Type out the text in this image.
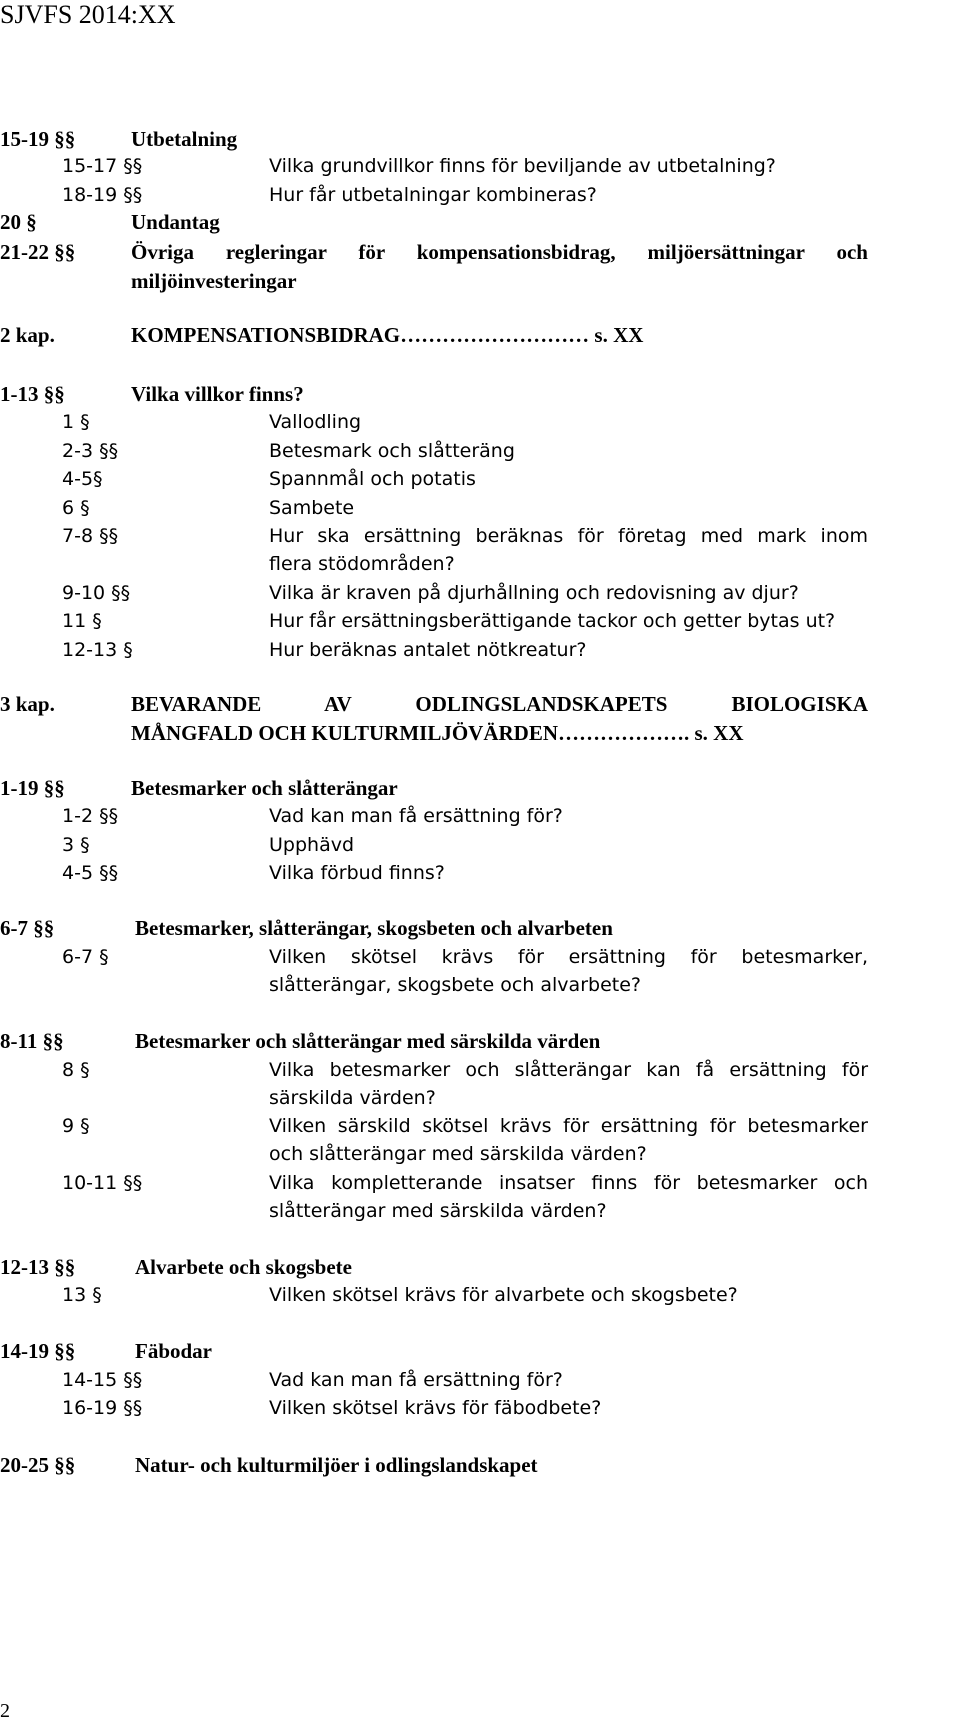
SJVFS 2014:XX
15-19 §§	Utbetalning
15-17 §§	Vilka grundvillkor finns för beviljande av utbetalning?
18-19 §§	Hur får utbetalningar kombineras?
20 §	Undantag
21-22 §§	Övriga regleringar för kompensationsbidrag, miljöersättningar och
miljöinvesteringar
2 kap.	KOMPENSATIONSBIDRAG……………………… s. XX
1-13 §§	Vilka villkor finns?
1 §	Vallodling
2-3 §§	Betesmark och slåtteräng
4-5§	Spannmål och potatis
6 §	Sambete
7-8 §§	Hur ska ersättning beräknas för företag med mark inom
flera stödområden?
9-10 §§	Vilka är kraven på djurhållning och redovisning av djur?
11 §	Hur får ersättningsberättigande tackor och getter bytas ut?
12-13 §	Hur beräknas antalet nötkreatur?
3 kap.	BEVARANDE AV ODLINGSLANDSKAPETS BIOLOGISKA
MÅNGFALD OCH KULTURMILJÖVÄRDEN………………. s. XX
1-19 §§	Betesmarker och slåtterängar
1-2 §§	Vad kan man få ersättning för?
3 §	Upphävd
4-5 §§	Vilka förbud finns?
6-7 §§	Betesmarker, slåtterängar, skogsbeten och alvarbeten
6-7 §	Vilken skötsel krävs för ersättning för betesmarker,
slåtterängar, skogsbete och alvarbete?
8-11 §§	Betesmarker och slåtterängar med särskilda värden
8 §	Vilka betesmarker och slåtterängar kan få ersättning för
särskilda värden?
9 §	Vilken särskild skötsel krävs för ersättning för betesmarker
och slåtterängar med särskilda värden?
10-11 §§	Vilka kompletterande insatser finns för betesmarker och
slåtterängar med särskilda värden?
12-13 §§	Alvarbete och skogsbete
13 §	Vilken skötsel krävs för alvarbete och skogsbete?
14-19 §§	Fäbodar
14-15 §§	Vad kan man få ersättning för?
16-19 §§	Vilken skötsel krävs för fäbodbete?
20-25 §§	Natur- och kulturmiljöer i odlingslandskapet
2
